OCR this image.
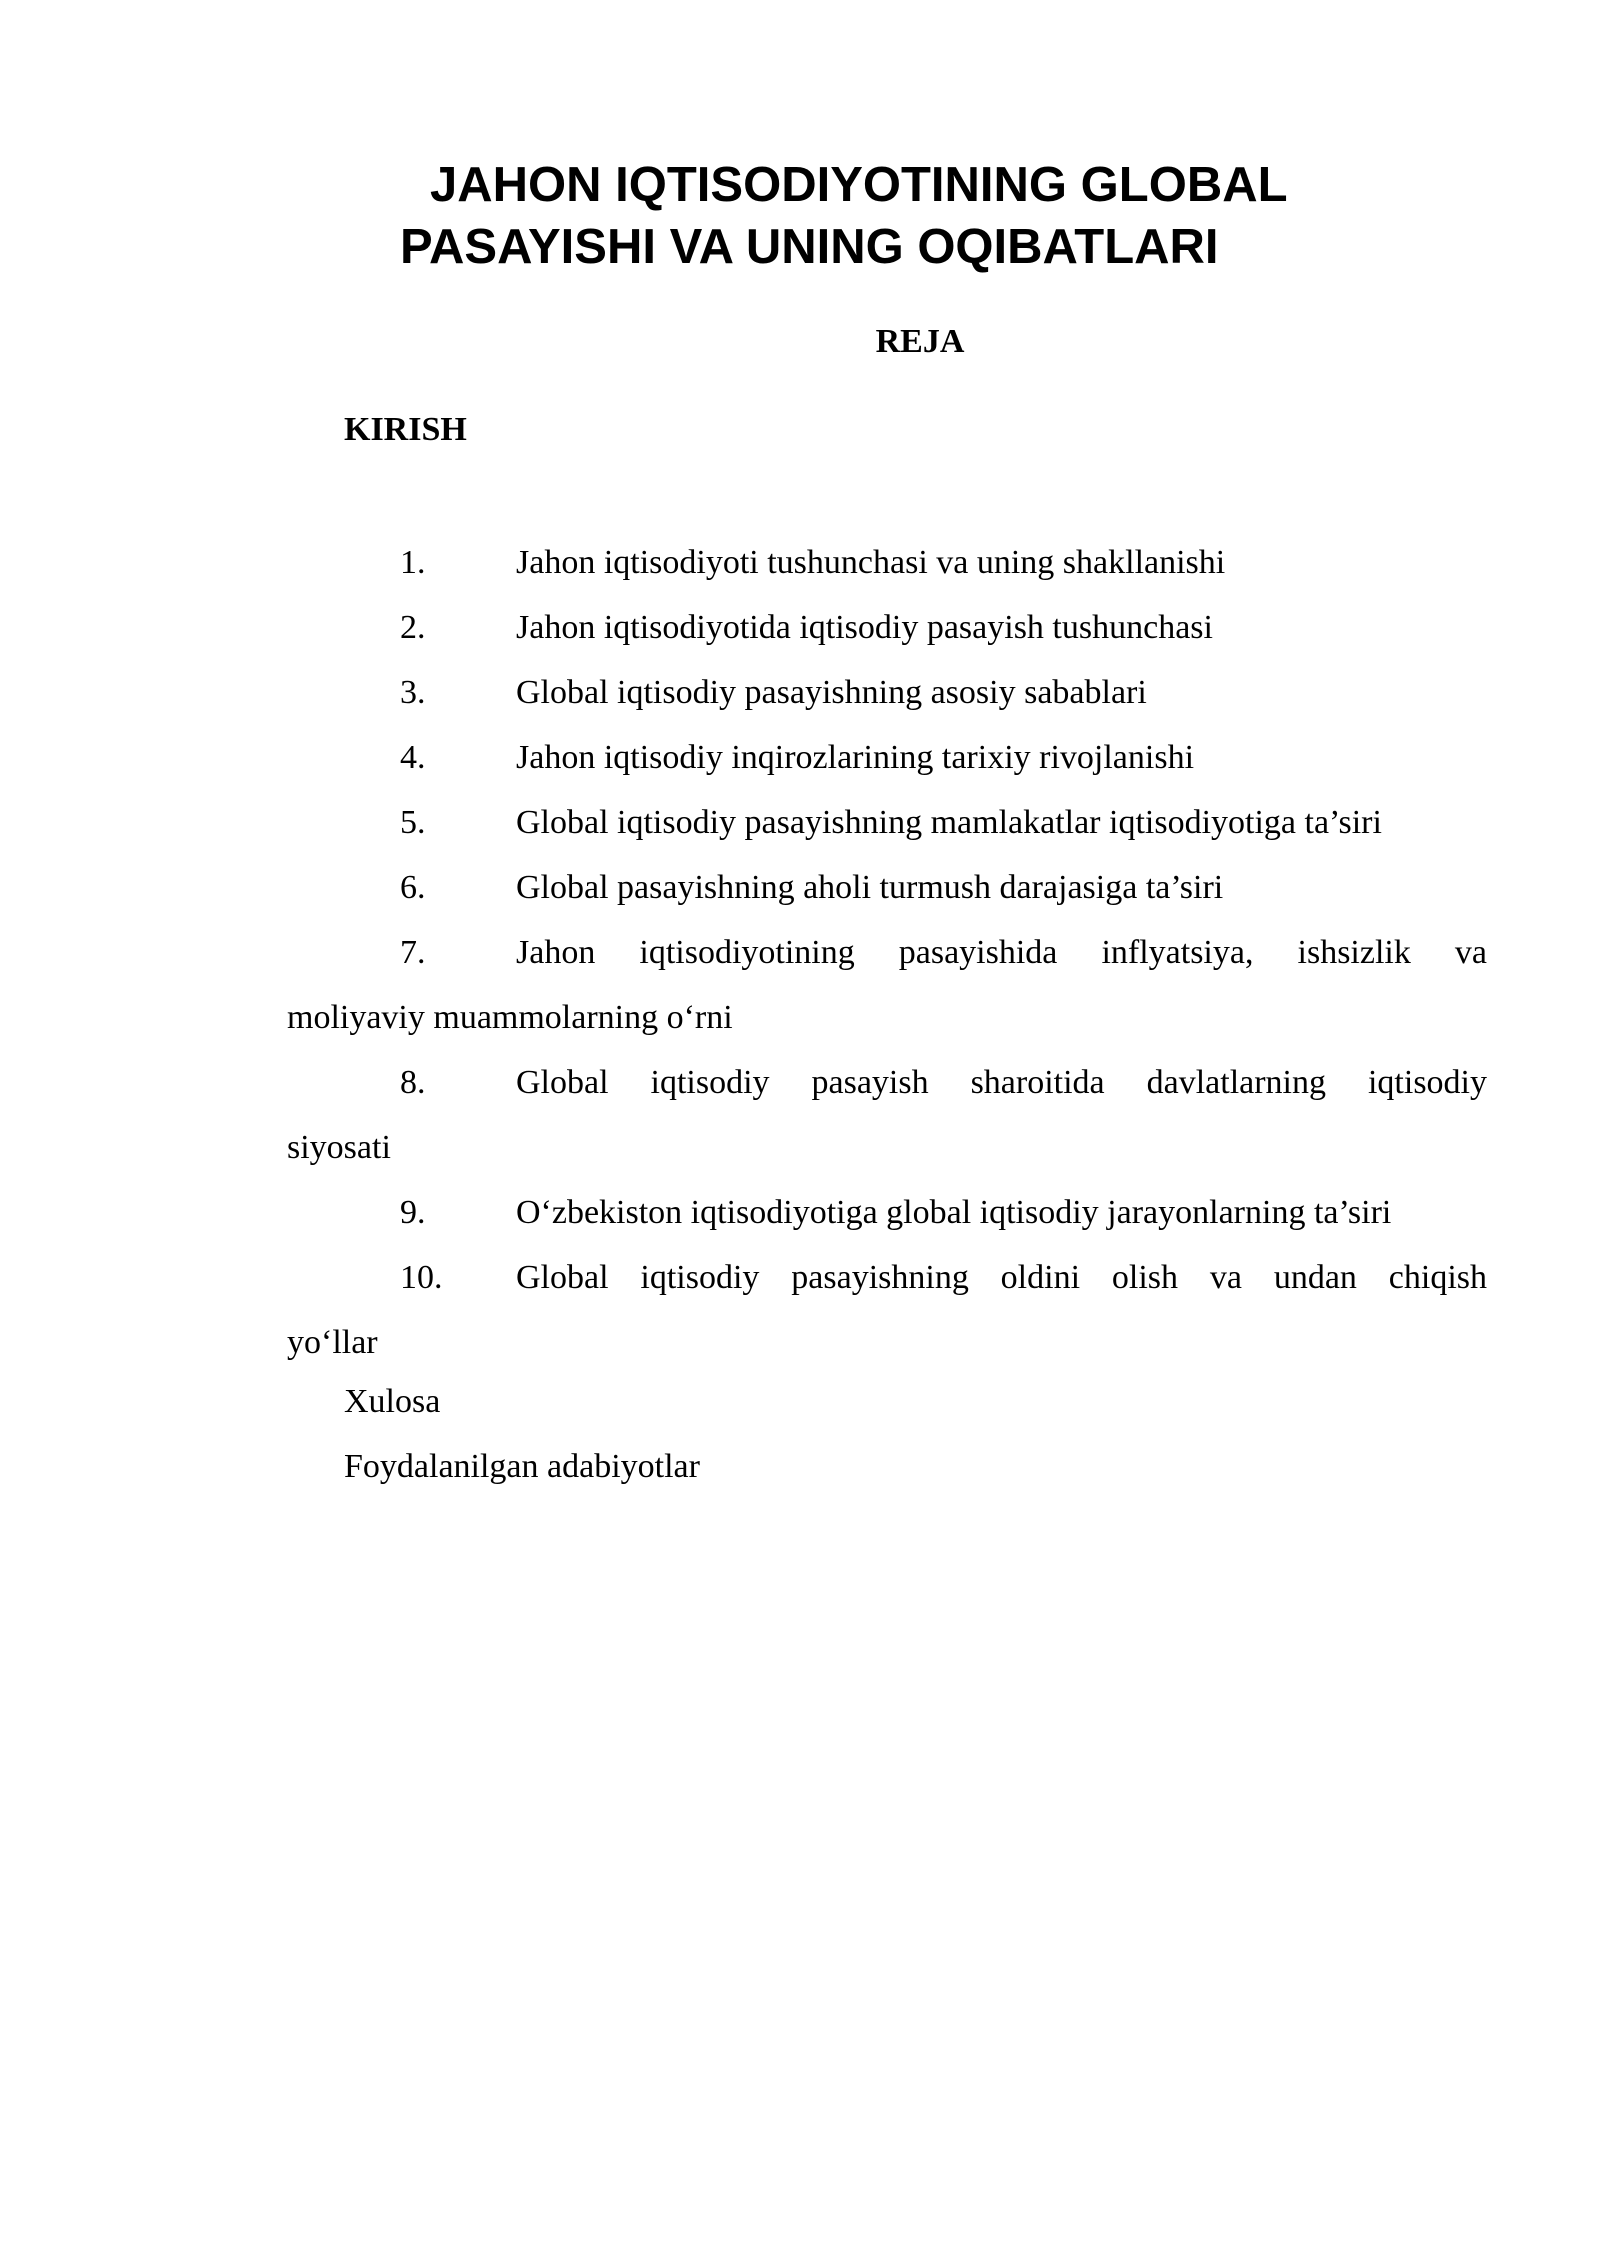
JAHON IQTISODIYOTINING GLOBAL PASAYISHI VA UNING OQIBATLARI

REJA

KIRISH

1.	Jahon iqtisodiyoti tushunchasi va uning shakllanishi
2.	Jahon iqtisodiyotida iqtisodiy pasayish tushunchasi
3.	Global iqtisodiy pasayishning asosiy sabablari
4.	Jahon iqtisodiy inqirozlarining tarixiy rivojlanishi
5.	Global iqtisodiy pasayishning mamlakatlar iqtisodiyotiga ta’siri
6.	Global pasayishning aholi turmush darajasiga ta’siri
7.	Jahon iqtisodiyotining pasayishida inflyatsiya, ishsizlik va
moliyaviy muammolarning o‘rni
8.	Global iqtisodiy pasayish sharoitida davlatlarning iqtisodiy
siyosati
9.	O‘zbekiston iqtisodiyotiga global iqtisodiy jarayonlarning ta’siri
10.	Global iqtisodiy pasayishning oldini olish va undan chiqish
yo‘llar

Xulosa

Foydalanilgan adabiyotlar
